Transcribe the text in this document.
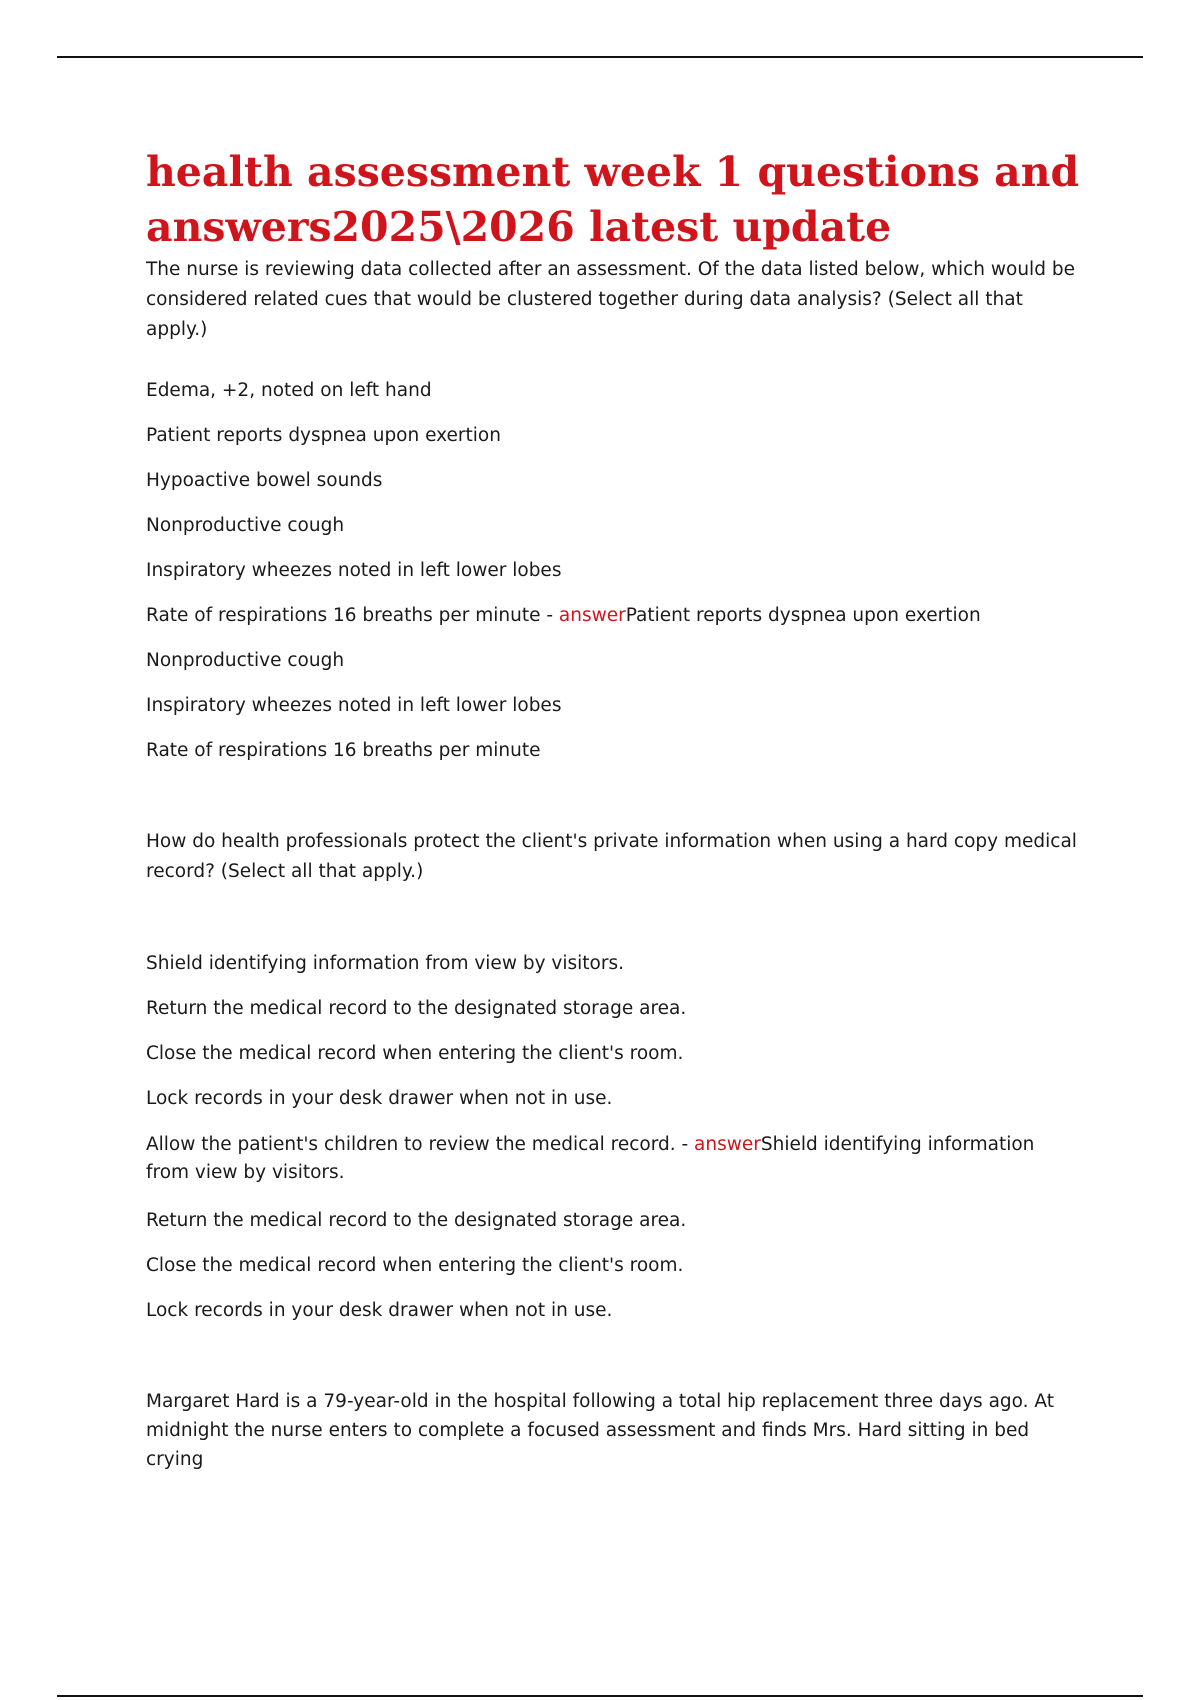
health assessment week 1 questions and answers2025\2026 latest update

The nurse is reviewing data collected after an assessment. Of the data listed below, which would be considered related cues that would be clustered together during data analysis? (Select all that apply.)

Edema, +2, noted on left hand

Patient reports dyspnea upon exertion

Hypoactive bowel sounds

Nonproductive cough

Inspiratory wheezes noted in left lower lobes

Rate of respirations 16 breaths per minute - answerPatient reports dyspnea upon exertion

Nonproductive cough

Inspiratory wheezes noted in left lower lobes

Rate of respirations 16 breaths per minute

How do health professionals protect the client's private information when using a hard copy medical record? (Select all that apply.)

Shield identifying information from view by visitors.

Return the medical record to the designated storage area.

Close the medical record when entering the client's room.

Lock records in your desk drawer when not in use.

Allow the patient's children to review the medical record. - answerShield identifying information from view by visitors.

Return the medical record to the designated storage area.

Close the medical record when entering the client's room.

Lock records in your desk drawer when not in use.

Margaret Hard is a 79-year-old in the hospital following a total hip replacement three days ago. At midnight the nurse enters to complete a focused assessment and finds Mrs. Hard sitting in bed crying
